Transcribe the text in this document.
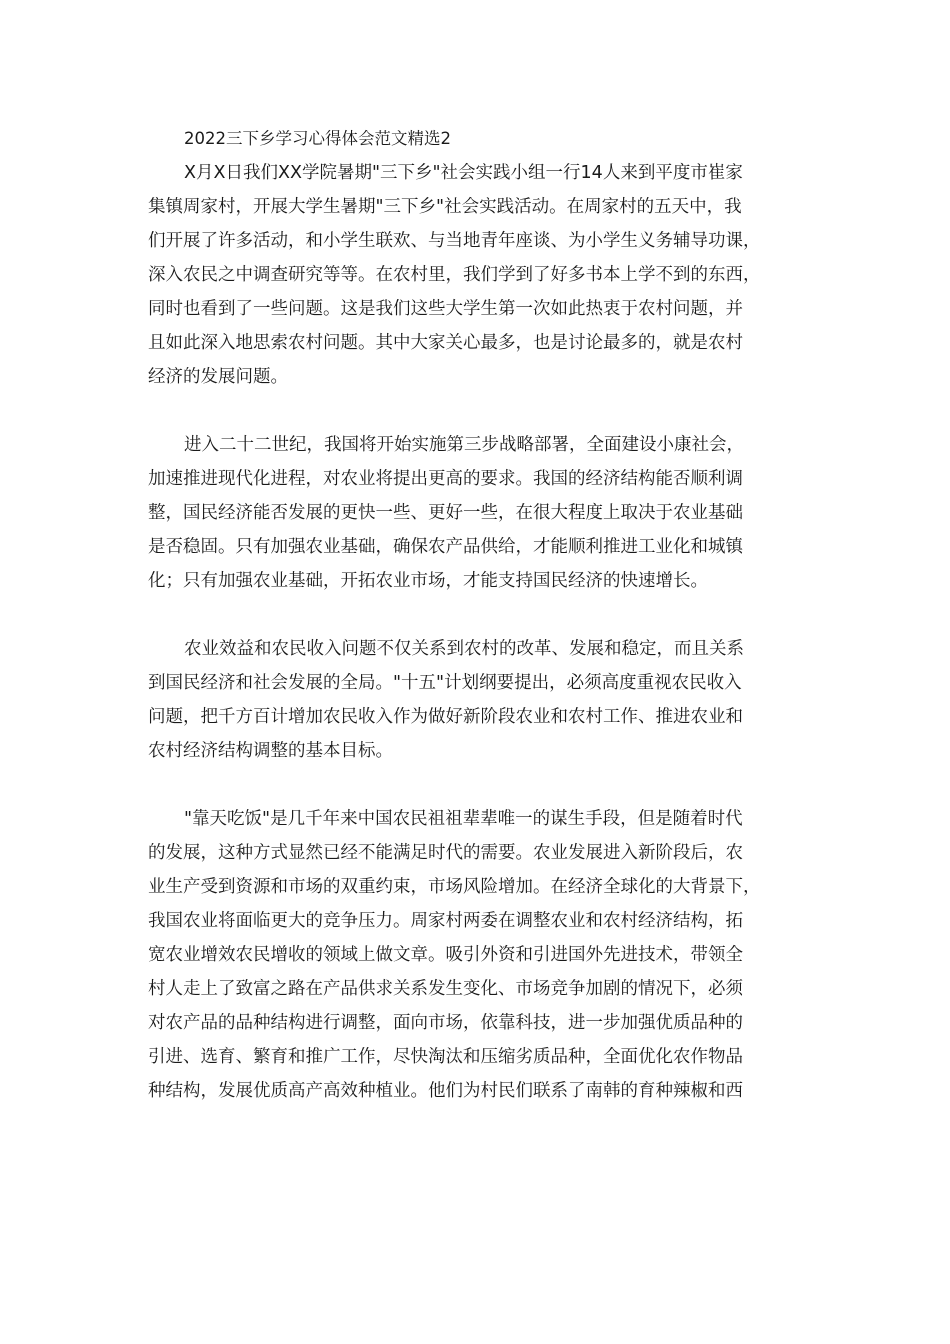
2022三下乡学习心得体会范文精选2
X月X日我们XX学院暑期"三下乡"社会实践小组一行14人来到平度市崔家
集镇周家村，开展大学生暑期"三下乡"社会实践活动。在周家村的五天中，我
们开展了许多活动，和小学生联欢、与当地青年座谈、为小学生义务辅导功课，
深入农民之中调查研究等等。在农村里，我们学到了好多书本上学不到的东西，
同时也看到了一些问题。这是我们这些大学生第一次如此热衷于农村问题，并
且如此深入地思索农村问题。其中大家关心最多，也是讨论最多的，就是农村
经济的发展问题。
进入二十二世纪，我国将开始实施第三步战略部署，全面建设小康社会，
加速推进现代化进程，对农业将提出更高的要求。我国的经济结构能否顺利调
整，国民经济能否发展的更快一些、更好一些，在很大程度上取决于农业基础
是否稳固。只有加强农业基础，确保农产品供给，才能顺利推进工业化和城镇
化；只有加强农业基础，开拓农业市场，才能支持国民经济的快速增长。
农业效益和农民收入问题不仅关系到农村的改革、发展和稳定，而且关系
到国民经济和社会发展的全局。"十五"计划纲要提出，必须高度重视农民收入
问题，把千方百计增加农民收入作为做好新阶段农业和农村工作、推进农业和
农村经济结构调整的基本目标。
"靠天吃饭"是几千年来中国农民祖祖辈辈唯一的谋生手段，但是随着时代
的发展，这种方式显然已经不能满足时代的需要。农业发展进入新阶段后，农
业生产受到资源和市场的双重约束，市场风险增加。在经济全球化的大背景下，
我国农业将面临更大的竞争压力。周家村两委在调整农业和农村经济结构，拓
宽农业增效农民增收的领域上做文章。吸引外资和引进国外先进技术，带领全
村人走上了致富之路在产品供求关系发生变化、市场竞争加剧的情况下，必须
对农产品的品种结构进行调整，面向市场，依靠科技，进一步加强优质品种的
引进、选育、繁育和推广工作，尽快淘汰和压缩劣质品种，全面优化农作物品
种结构，发展优质高产高效种植业。他们为村民们联系了南韩的育种辣椒和西
